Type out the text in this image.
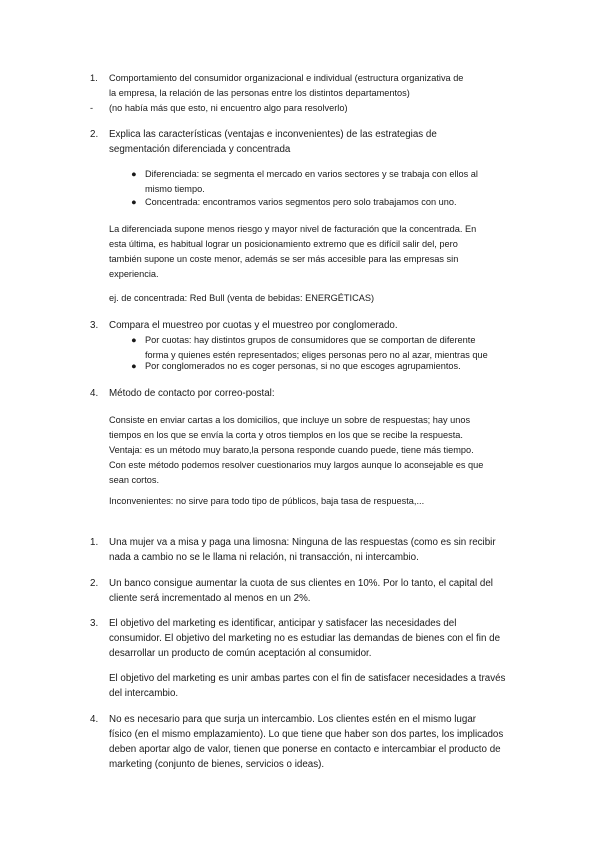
1. Comportamiento del consumidor organizacional e individual (estructura organizativa de
la empresa, la relación de las personas entre los distintos departamentos)
- (no había más que esto, ni encuentro algo para resolverlo)
2. Explica las características (ventajas e inconvenientes) de las estrategias de
segmentación diferenciada y concentrada
● Diferenciada: se segmenta el mercado en varios sectores y se trabaja con ellos al
mismo tiempo.
● Concentrada: encontramos varios segmentos pero solo trabajamos con uno.
La diferenciada supone menos riesgo y mayor nivel de facturación que la concentrada. En
esta última, es habitual lograr un posicionamiento extremo que es difícil salir del, pero
también supone un coste menor, además se ser más accesible para las empresas sin
experiencia.
ej. de concentrada: Red Bull (venta de bebidas: ENERGÉTICAS)
3. Compara el muestreo por cuotas y el muestreo por conglomerado.
● Por cuotas: hay distintos grupos de consumidores que se comportan de diferente
forma y quienes estén representados; eliges personas pero no al azar, mientras que
● Por conglomerados no es coger personas, si no que escoges agrupamientos.
4. Método de contacto por correo-postal:
Consiste en enviar cartas a los domicilios, que incluye un sobre de respuestas; hay unos
tiempos en los que se envía la corta y otros tiemplos en los que se recibe la respuesta.
Ventaja: es un método muy barato,la persona responde cuando puede, tiene más tiempo.
Con este método podemos resolver cuestionarios muy largos aunque lo aconsejable es que
sean cortos.
Inconvenientes: no sirve para todo tipo de públicos, baja tasa de respuesta,...
1. Una mujer va a misa y paga una limosna: Ninguna de las respuestas (como es sin recibir
nada a cambio no se le llama ni relación, ni transacción, ni intercambio.
2. Un banco consigue aumentar la cuota de sus clientes en 10%. Por lo tanto, el capital del
cliente será incrementado al menos en un 2%.
3. El objetivo del marketing es identificar, anticipar y satisfacer las necesidades del
consumidor. El objetivo del marketing no es estudiar las demandas de bienes con el fin de
desarrollar un producto de común aceptación al consumidor.
El objetivo del marketing es unir ambas partes con el fin de satisfacer necesidades a través
del intercambio.
4. No es necesario para que surja un intercambio. Los clientes estén en el mismo lugar
físico (en el mismo emplazamiento). Lo que tiene que haber son dos partes, los implicados
deben aportar algo de valor, tienen que ponerse en contacto e intercambiar el producto de
marketing (conjunto de bienes, servicios o ideas).
